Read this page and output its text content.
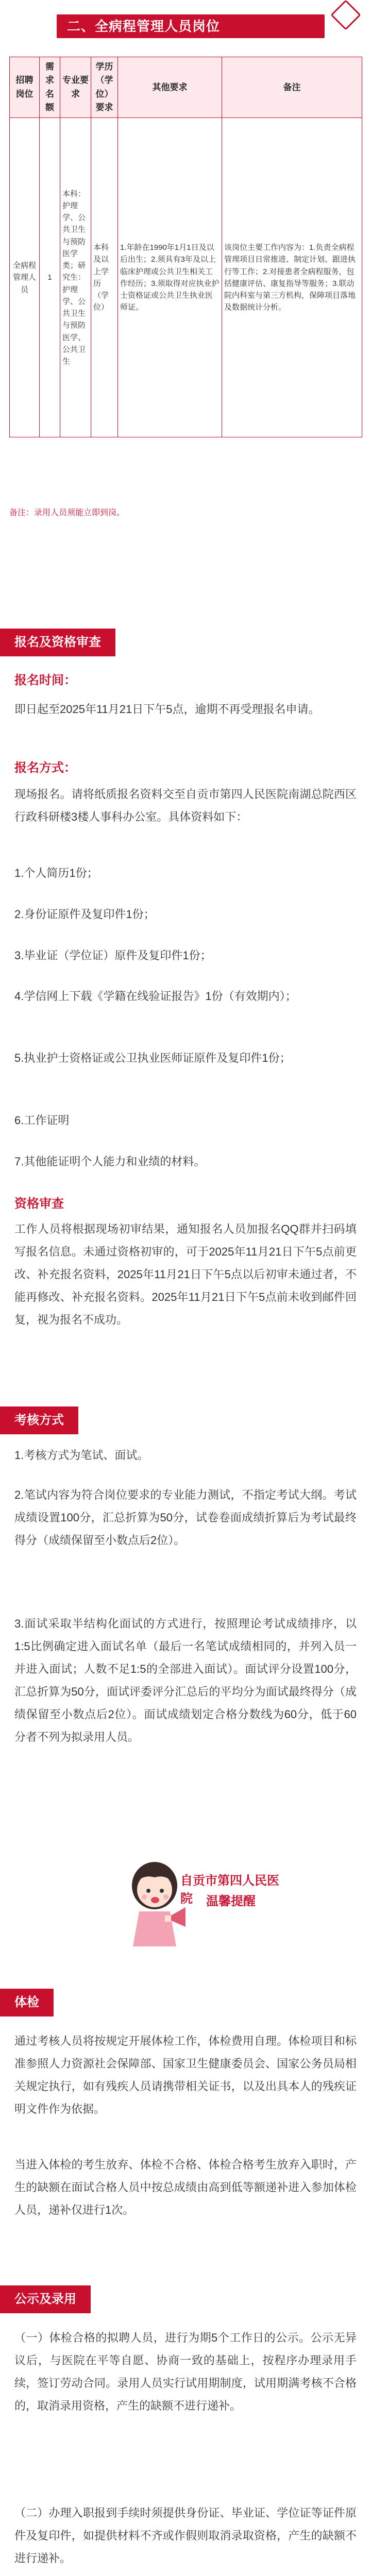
二、全病程管理人员岗位
招聘岗位	需求名额	专业要求	学历（学位）要求	其他要求	备注
全病程管理人员	1	本科：护理学、公共卫生与预防医学类；研究生：护理学、公共卫生与预防医学、公共卫生	本科及以上学历（学位）	1.年龄在1990年1月1日及以后出生；2.须具有3年及以上临床护理或公共卫生相关工作经历；3.须取得对应执业护士资格证或公共卫生执业医师证。	该岗位主要工作内容为：1.负责全病程管理项目日常推进、制定计划、跟进执行等工作；2.对接患者全病程服务，包括健康评估、康复指导等服务；3.联动院内科室与第三方机构，保障项目落地及数据统计分析。
备注：录用人员须能立即到岗。
报名及资格审查
报名时间：

即日起至2025年11月21日下午5点，逾期不再受理报名申请。

报名方式：

现场报名。请将纸质报名资料交至自贡市第四人民医院南湖总院西区行政科研楼3楼人事科办公室。具体资料如下：

1.个人简历1份；

2.身份证原件及复印件1份；

3.毕业证（学位证）原件及复印件1份；

4.学信网上下载《学籍在线验证报告》1份（有效期内）；

5.执业护士资格证或公卫执业医师证原件及复印件1份；

6.工作证明

7.其他能证明个人能力和业绩的材料。

资格审查

工作人员将根据现场初审结果，通知报名人员加报名QQ群并扫码填写报名信息。未通过资格初审的，可于2025年11月21日下午5点前更改、补充报名资料，2025年11月21日下午5点以后初审未通过者，不能再修改、补充报名资料。2025年11月21日下午5点前未收到邮件回复，视为报名不成功。

考核方式

1.考核方式为笔试、面试。

2.笔试内容为符合岗位要求的专业能力测试，不指定考试大纲。考试成绩设置100分，汇总折算为50分，试卷卷面成绩折算后为考试最终得分（成绩保留至小数点后2位）。

3.面试采取半结构化面试的方式进行，按照理论考试成绩排序，以1:5比例确定进入面试名单（最后一名笔试成绩相同的，并列入员一并进入面试；人数不足1:5的全部进入面试）。面试评分设置100分，汇总折算为50分，面试评委评分汇总后的平均分为面试最终得分（成绩保留至小数点后2位）。面试成绩划定合格分数线为60分，低于60分者不列为拟录用人员。

自贡市第四人民医院	温馨提醒
体检

通过考核人员将按规定开展体检工作，体检费用自理。体检项目和标准参照人力资源社会保障部、国家卫生健康委员会、国家公务员局相关规定执行，如有残疾人员请携带相关证书，以及出具本人的残疾证明文件作为依据。

当进入体检的考生放弃、体检不合格、体检合格考生放弃入职时，产生的缺额在面试合格人员中按总成绩由高到低等额递补进入参加体检人员，递补仅进行1次。

公示及录用

（一）体检合格的拟聘人员，进行为期5个工作日的公示。公示无异议后，与医院在平等自愿、协商一致的基础上，按程序办理录用手续，签订劳动合同。录用人员实行试用期制度，试用期满考核不合格的，取消录用资格，产生的缺额不进行递补。

（二）办理入职报到手续时须提供身份证、毕业证、学位证等证件原件及复印件，如提供材料不齐或作假则取消录取资格，产生的缺额不进行递补。
